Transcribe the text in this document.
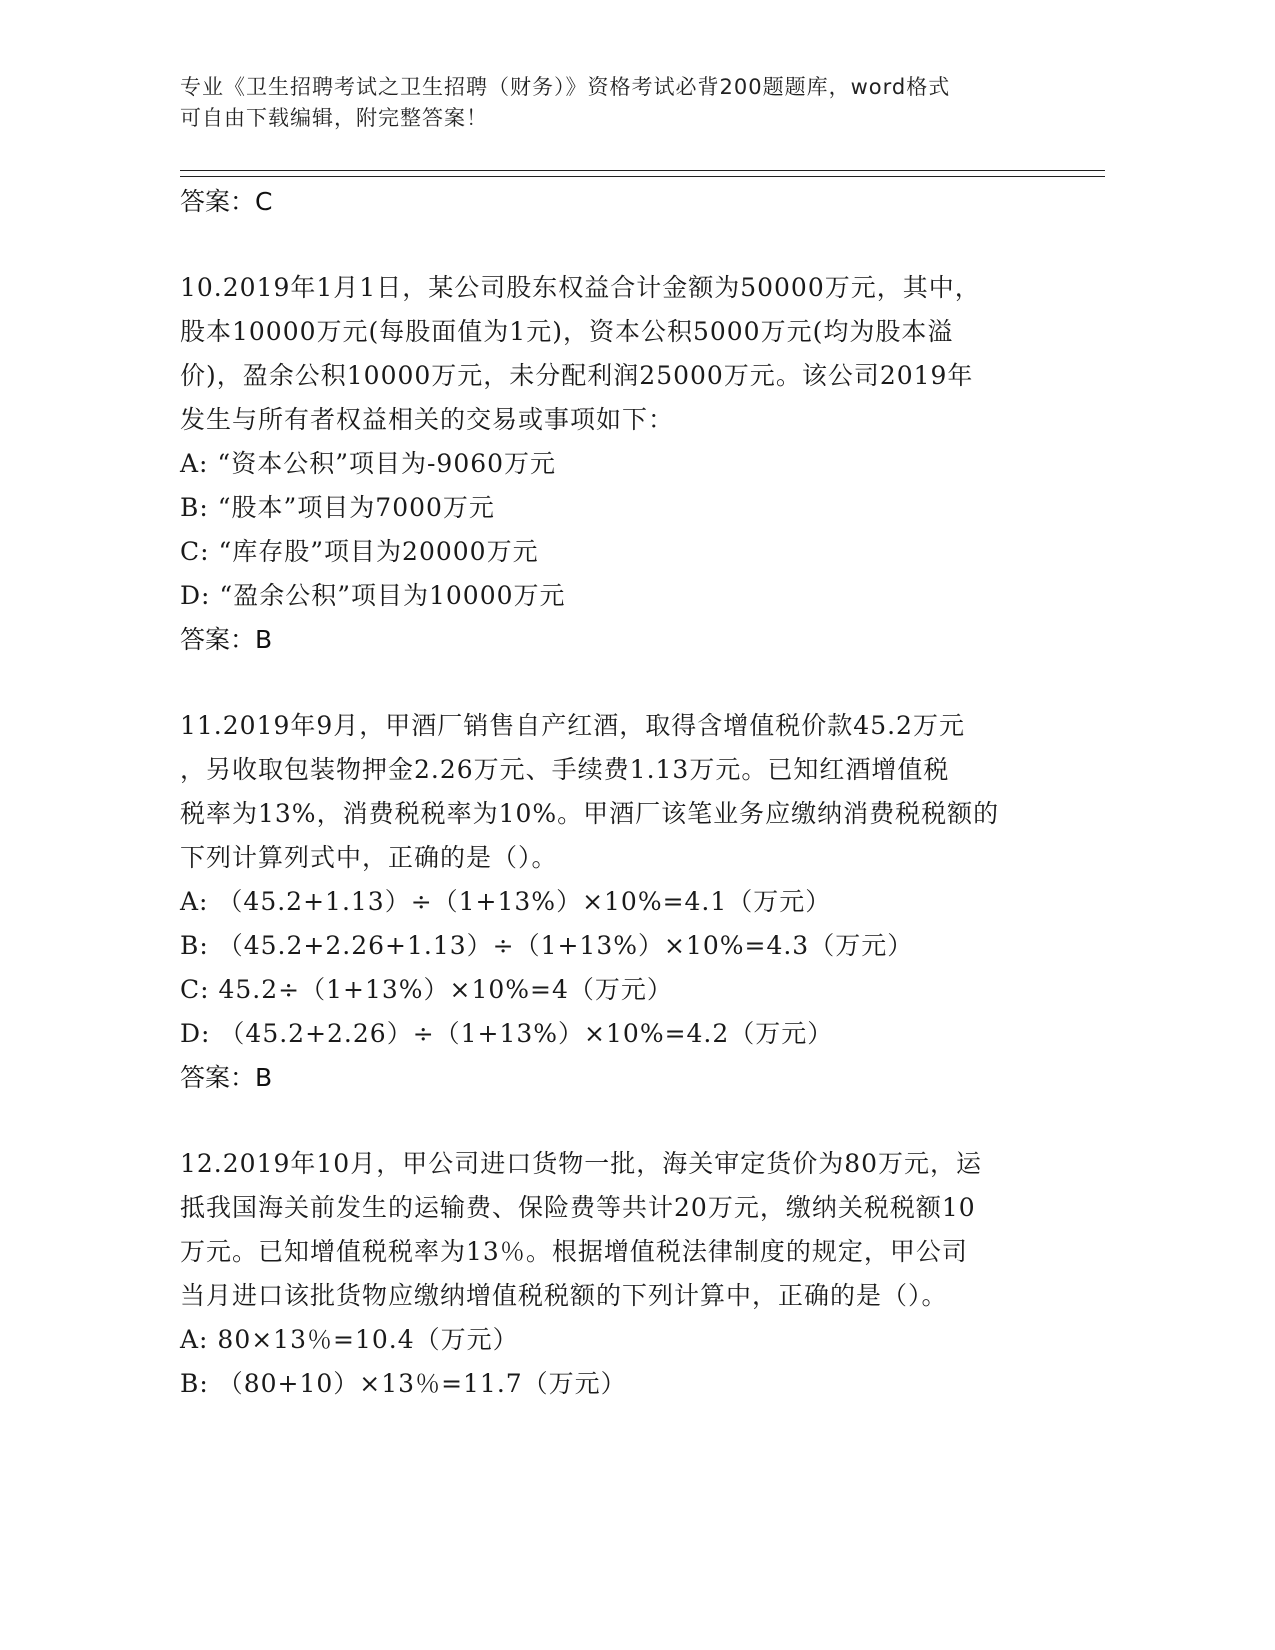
专业《卫生招聘考试之卫生招聘（财务）》资格考试必背200题题库，word格式
可自由下载编辑，附完整答案！
答案：C
10.2019年1月1日，某公司股东权益合计金额为50000万元，其中，
股本10000万元(每股面值为1元)，资本公积5000万元(均为股本溢
价)，盈余公积10000万元，未分配利润25000万元。该公司2019年
发生与所有者权益相关的交易或事项如下：
A: “资本公积”项目为-9060万元
B: “股本”项目为7000万元
C: “库存股”项目为20000万元
D: “盈余公积”项目为10000万元
答案：B
11.2019年9月，甲酒厂销售自产红酒，取得含增值税价款45.2万元
，另收取包装物押金2.26万元、手续费1.13万元。已知红酒增值税
税率为13%，消费税税率为10%。甲酒厂该笔业务应缴纳消费税税额的
下列计算列式中，正确的是（）。
A: （45.2+1.13）÷（1+13%）×10%=4.1（万元）
B: （45.2+2.26+1.13）÷（1+13%）×10%=4.3（万元）
C: 45.2÷（1+13%）×10%=4（万元）
D: （45.2+2.26）÷（1+13%）×10%=4.2（万元）
答案：B
12.2019年10月，甲公司进口货物一批，海关审定货价为80万元，运
抵我国海关前发生的运输费、保险费等共计20万元，缴纳关税税额10
万元。已知增值税税率为13％。根据增值税法律制度的规定，甲公司
当月进口该批货物应缴纳增值税税额的下列计算中，正确的是（）。
A: 80×13％=10.4（万元）
B: （80+10）×13％=11.7（万元）
